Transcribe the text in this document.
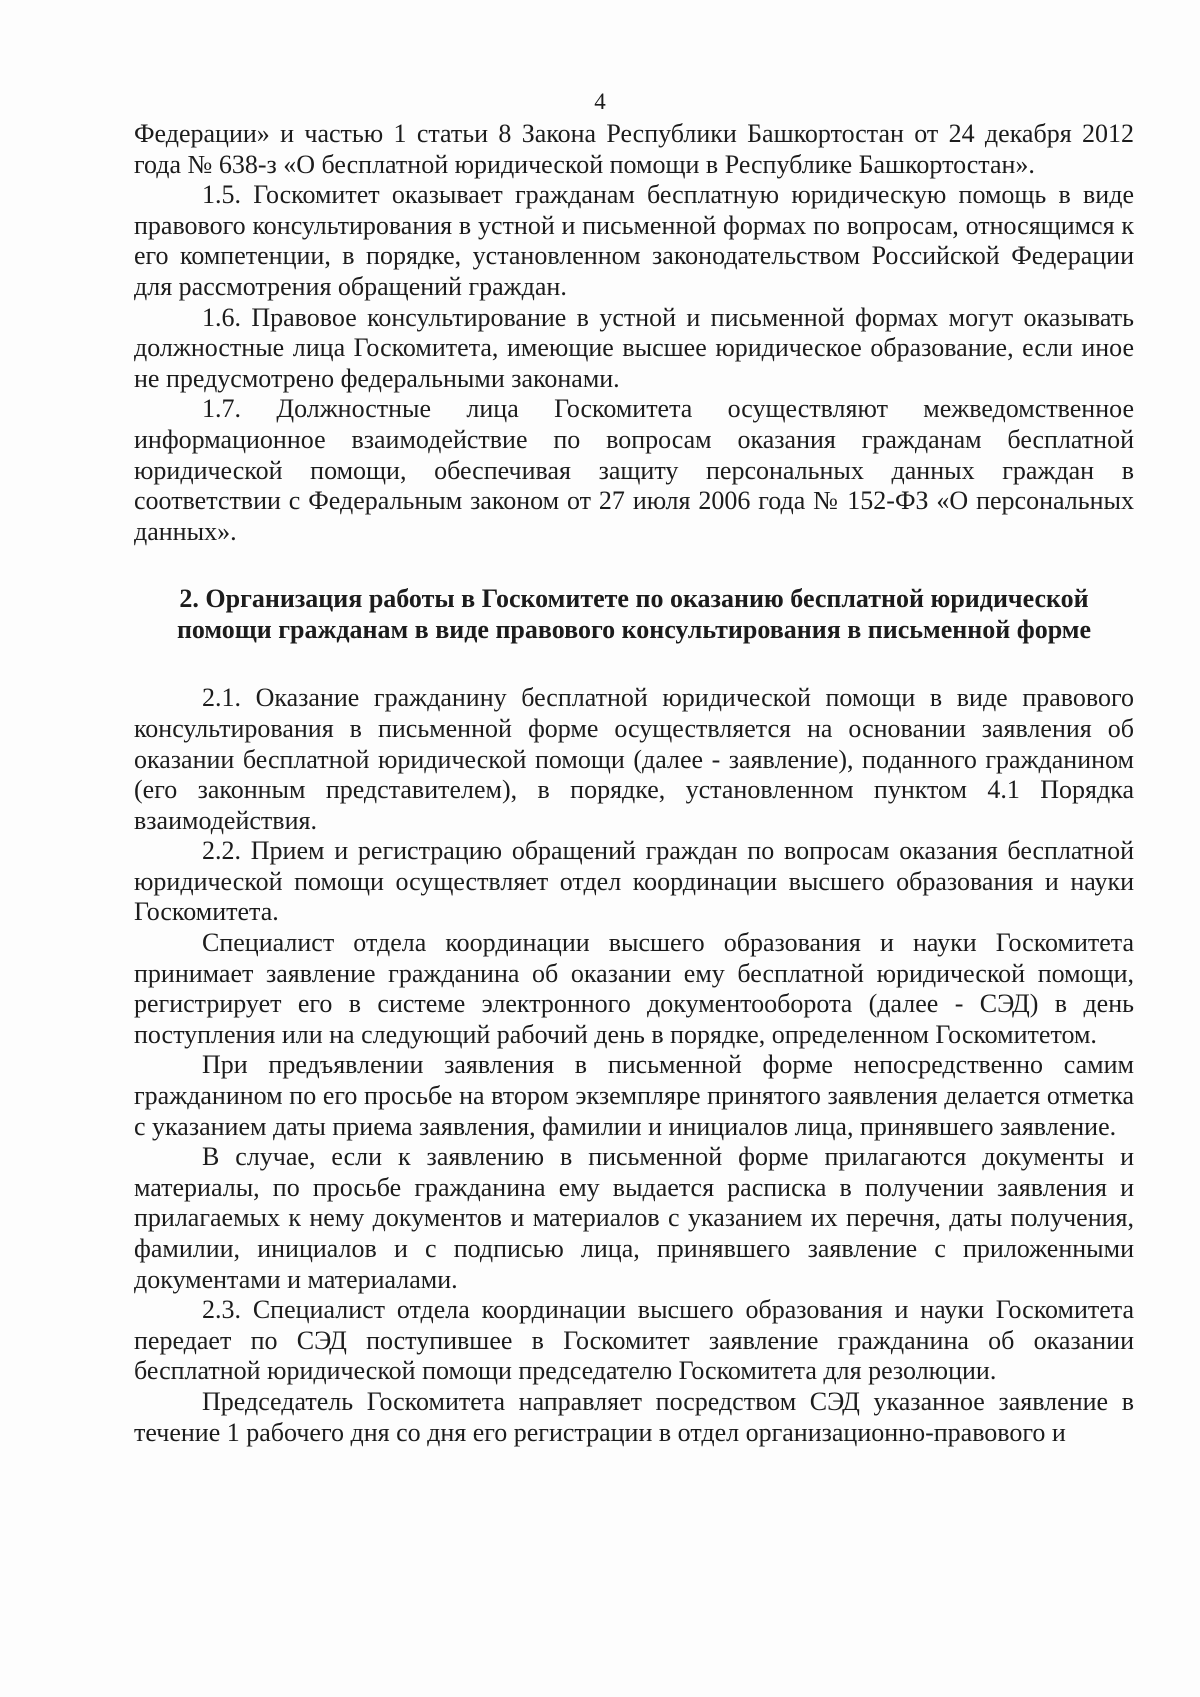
4

Федерации» и частью 1 статьи 8 Закона Республики Башкортостан от 24 декабря 2012 года № 638-з «О бесплатной юридической помощи в Республике Башкортостан».

1.5. Госкомитет оказывает гражданам бесплатную юридическую помощь в виде правового консультирования в устной и письменной формах по вопросам, относящимся к его компетенции, в порядке, установленном законодательством Российской Федерации для рассмотрения обращений граждан.

1.6. Правовое консультирование в устной и письменной формах могут оказывать должностные лица Госкомитета, имеющие высшее юридическое образование, если иное не предусмотрено федеральными законами.

1.7. Должностные лица Госкомитета осуществляют межведомственное информационное взаимодействие по вопросам оказания гражданам бесплатной юридической помощи, обеспечивая защиту персональных данных граждан в соответствии с Федеральным законом от 27 июля 2006 года № 152-ФЗ «О персональных данных».

2. Организация работы в Госкомитете по оказанию бесплатной юридической помощи гражданам в виде правового консультирования в письменной форме

2.1. Оказание гражданину бесплатной юридической помощи в виде правового консультирования в письменной форме осуществляется на основании заявления об оказании бесплатной юридической помощи (далее - заявление), поданного гражданином (его законным представителем), в порядке, установленном пунктом 4.1 Порядка взаимодействия.

2.2. Прием и регистрацию обращений граждан по вопросам оказания бесплатной юридической помощи осуществляет отдел координации высшего образования и науки Госкомитета.

Специалист отдела координации высшего образования и науки Госкомитета принимает заявление гражданина об оказании ему бесплатной юридической помощи, регистрирует его в системе электронного документооборота (далее - СЭД) в день поступления или на следующий рабочий день в порядке, определенном Госкомитетом.

При предъявлении заявления в письменной форме непосредственно самим гражданином по его просьбе на втором экземпляре принятого заявления делается отметка с указанием даты приема заявления, фамилии и инициалов лица, принявшего заявление.

В случае, если к заявлению в письменной форме прилагаются документы и материалы, по просьбе гражданина ему выдается расписка в получении заявления и прилагаемых к нему документов и материалов с указанием их перечня, даты получения, фамилии, инициалов и с подписью лица, принявшего заявление с приложенными документами и материалами.

2.3. Специалист отдела координации высшего образования и науки Госкомитета передает по СЭД поступившее в Госкомитет заявление гражданина об оказании бесплатной юридической помощи председателю Госкомитета для резолюции.

Председатель Госкомитета направляет посредством СЭД указанное заявление в течение 1 рабочего дня со дня его регистрации в отдел организационно-правового и
